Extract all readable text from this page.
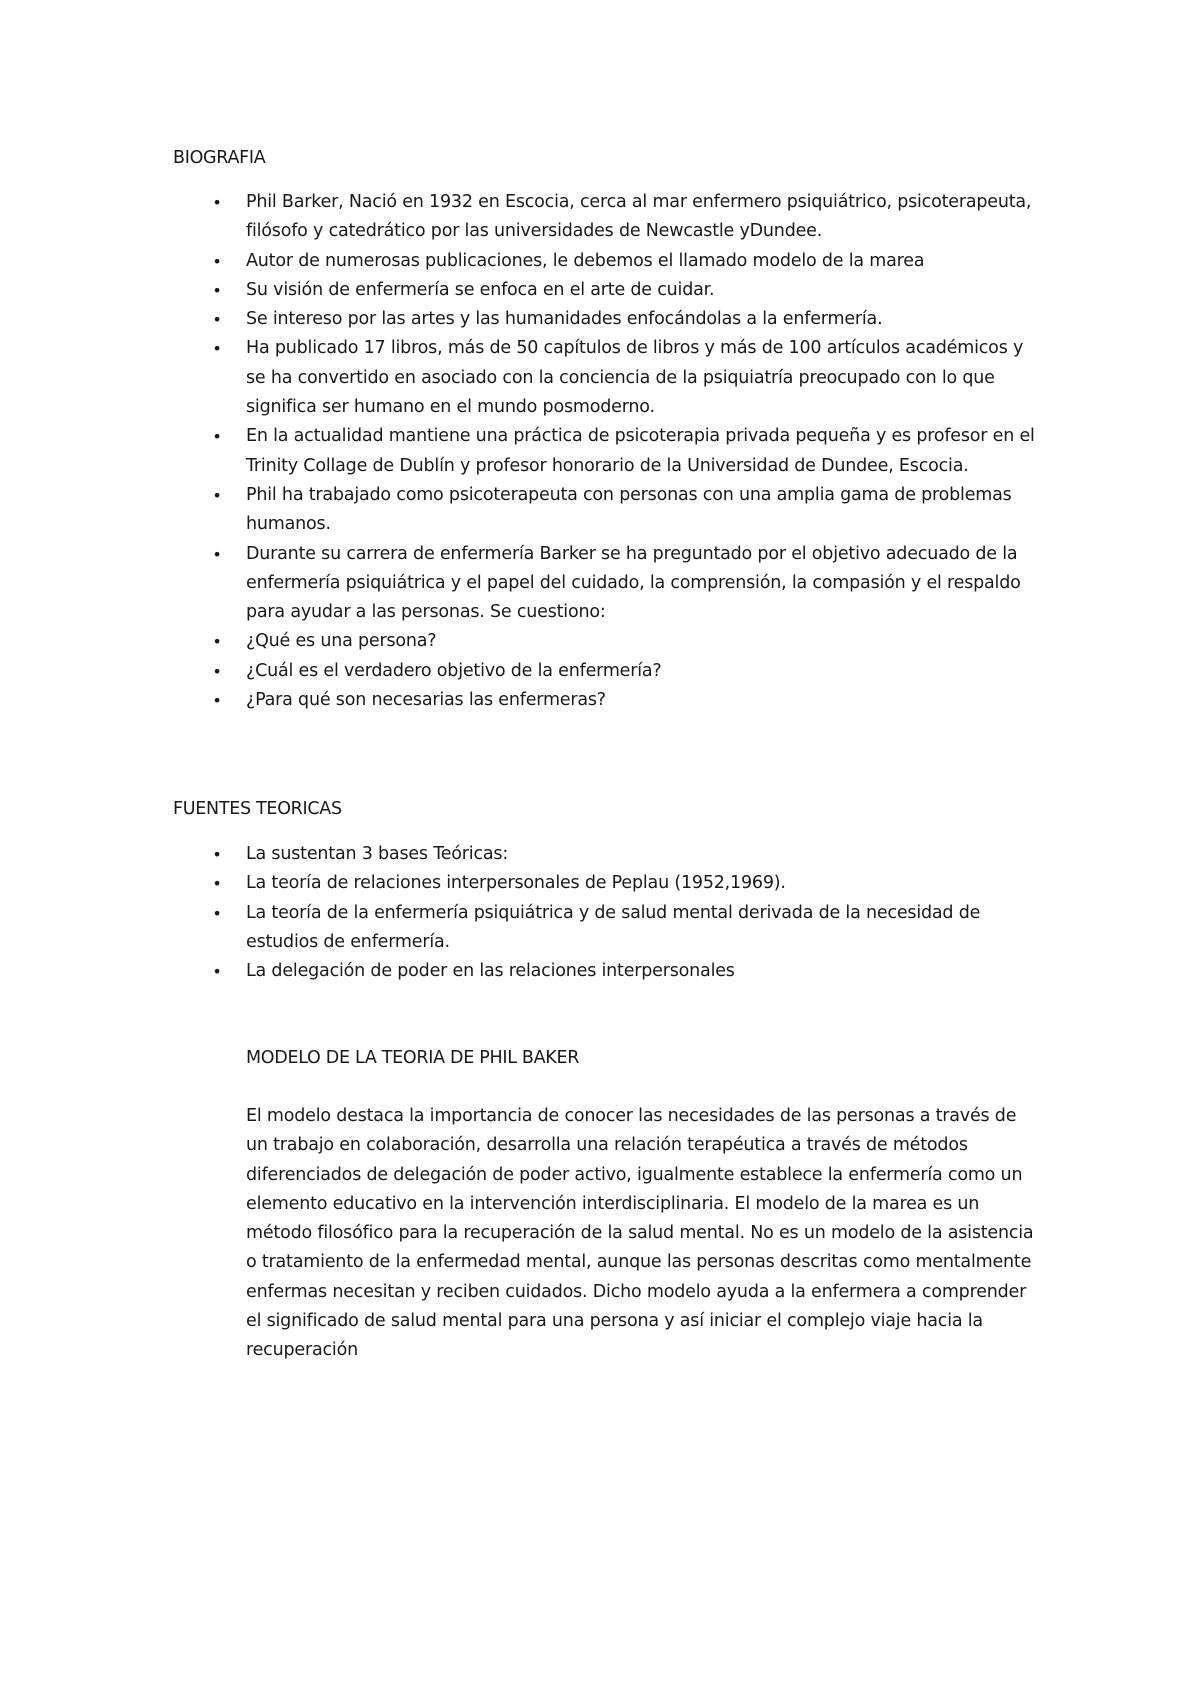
BIOGRAFIA
• Phil Barker, Nació en 1932 en Escocia, cerca al mar enfermero psiquiátrico, psicoterapeuta, filósofo y catedrático por las universidades de Newcastle yDundee.
• Autor de numerosas publicaciones, le debemos el llamado modelo de la marea
• Su visión de enfermería se enfoca en el arte de cuidar.
• Se intereso por las artes y las humanidades enfocándolas a la enfermería.
• Ha publicado 17 libros, más de 50 capítulos de libros y más de 100 artículos académicos y se ha convertido en asociado con la conciencia de la psiquiatría preocupado con lo que significa ser humano en el mundo posmoderno.
• En la actualidad mantiene una práctica de psicoterapia privada pequeña y es profesor en el Trinity Collage de Dublín y profesor honorario de la Universidad de Dundee, Escocia.
• Phil ha trabajado como psicoterapeuta con personas con una amplia gama de problemas humanos.
• Durante su carrera de enfermería Barker se ha preguntado por el objetivo adecuado de la enfermería psiquiátrica y el papel del cuidado, la comprensión, la compasión y el respaldo para ayudar a las personas. Se cuestiono:
• ¿Qué es una persona?
• ¿Cuál es el verdadero objetivo de la enfermería?
• ¿Para qué son necesarias las enfermeras?
FUENTES TEORICAS
• La sustentan 3 bases Teóricas:
• La teoría de relaciones interpersonales de Peplau (1952,1969).
• La teoría de la enfermería psiquiátrica y de salud mental derivada de la necesidad de estudios de enfermería.
• La delegación de poder en las relaciones interpersonales
MODELO DE LA TEORIA DE PHIL BAKER

El modelo destaca la importancia de conocer las necesidades de las personas a través de un trabajo en colaboración, desarrolla una relación terapéutica a través de métodos diferenciados de delegación de poder activo, igualmente establece la enfermería como un elemento educativo en la intervención interdisciplinaria. El modelo de la marea es un método filosófico para la recuperación de la salud mental. No es un modelo de la asistencia o tratamiento de la enfermedad mental, aunque las personas descritas como mentalmente enfermas necesitan y reciben cuidados. Dicho modelo ayuda a la enfermera a comprender el significado de salud mental para una persona y así iniciar el complejo viaje hacia la recuperación
